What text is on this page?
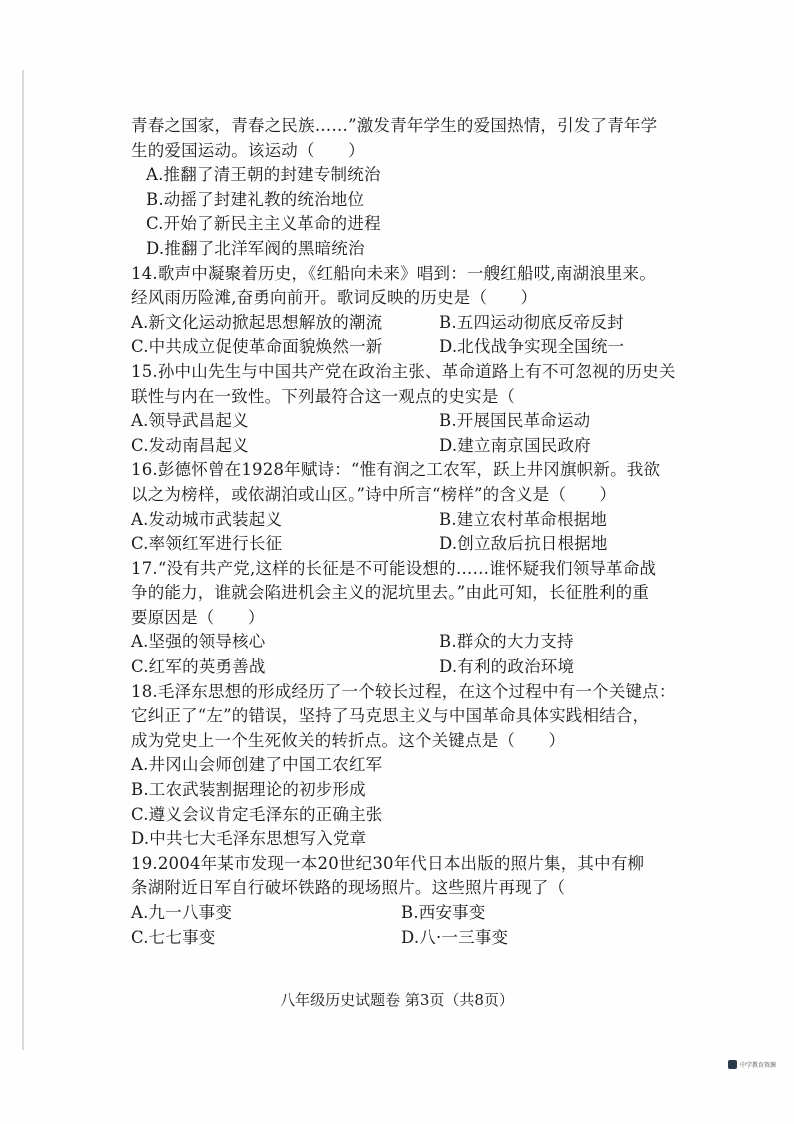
青春之国家，青春之民族……”激发青年学生的爱国热情，引发了青年学
生的爱国运动。该运动（　　）
A.推翻了清王朝的封建专制统治
B.动摇了封建礼教的统治地位
C.开始了新民主主义革命的进程
D.推翻了北洋军阀的黑暗统治
14.歌声中凝聚着历史，《红船向未来》唱到：一艘红船哎,南湖浪里来。
经风雨历险滩,奋勇向前开。歌词反映的历史是（　　）
A.新文化运动掀起思想解放的潮流	B.五四运动彻底反帝反封
C.中共成立促使革命面貌焕然一新	D.北伐战争实现全国统一
15.孙中山先生与中国共产党在政治主张、革命道路上有不可忽视的历史关
联性与内在一致性。下列最符合这一观点的史实是（
A.领导武昌起义	B.开展国民革命运动
C.发动南昌起义	D.建立南京国民政府
16.彭德怀曾在1928年赋诗：“惟有润之工农军，跃上井冈旗帜新。我欲
以之为榜样，或依湖泊或山区。”诗中所言“榜样”的含义是（　　）
A.发动城市武装起义	B.建立农村革命根据地
C.率领红军进行长征	D.创立敌后抗日根据地
17.“没有共产党,这样的长征是不可能设想的……谁怀疑我们领导革命战
争的能力，谁就会陷进机会主义的泥坑里去。”由此可知，长征胜利的重
要原因是（　　）
A.坚强的领导核心	B.群众的大力支持
C.红军的英勇善战	D.有利的政治环境
18.毛泽东思想的形成经历了一个较长过程，在这个过程中有一个关键点：
它纠正了“左”的错误，坚持了马克思主义与中国革命具体实践相结合，
成为党史上一个生死攸关的转折点。这个关键点是（　　）
A.井冈山会师创建了中国工农红军
B.工农武装割据理论的初步形成
C.遵义会议肯定毛泽东的正确主张
D.中共七大毛泽东思想写入党章
19.2004年某市发现一本20世纪30年代日本出版的照片集，其中有柳
条湖附近日军自行破坏铁路的现场照片。这些照片再现了（
A.九一八事变	B.西安事变
C.七七事变	D.八·一三事变
八年级历史试题卷 第3页（共8页）
中学教育资源
